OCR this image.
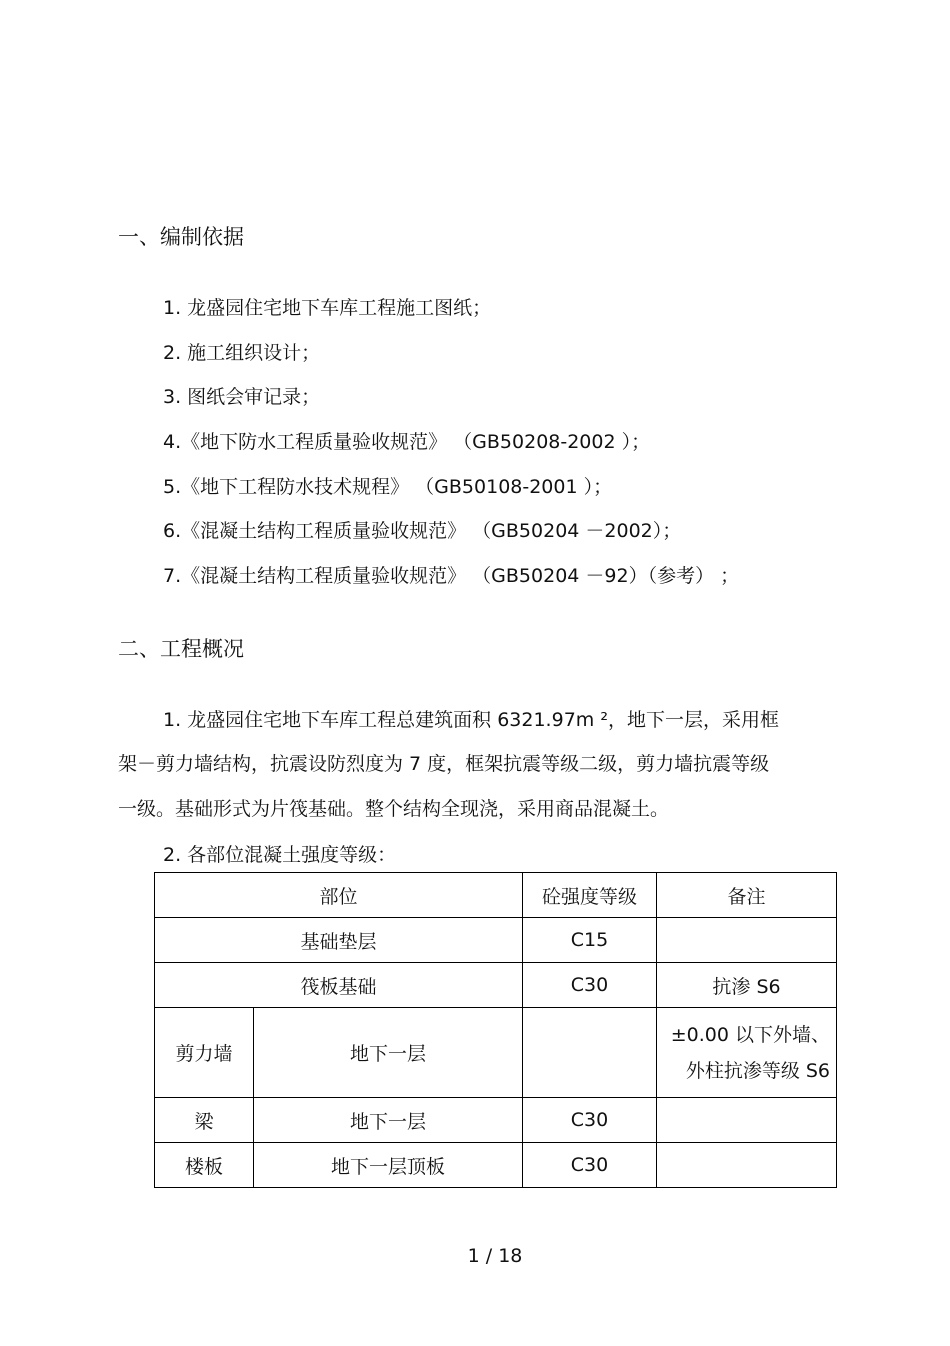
一、编制依据
1. 龙盛园住宅地下车库工程施工图纸；
2. 施工组织设计；
3. 图纸会审记录；
4.《地下防水工程质量验收规范》 （GB50208-2002 ）；
5.《地下工程防水技术规程》 （GB50108-2001 ）；
6.《混凝土结构工程质量验收规范》 （GB50204 －2002）；
7.《混凝土结构工程质量验收规范》 （GB50204 －92）（参考） ；
二、工程概况
1. 龙盛园住宅地下车库工程总建筑面积 6321.97m ²，地下一层，采用框
架－剪力墙结构，抗震设防烈度为 7 度，框架抗震等级二级，剪力墙抗震等级
一级。基础形式为片筏基础。整个结构全现浇，采用商品混凝土。
2. 各部位混凝土强度等级：
部位		砼强度等级	备注
基础垫层		C15	
筏板基础		C30	抗渗 S6
剪力墙	地下一层		±0.00 以下外墙、
外柱抗渗等级 S6

梁	地下一层	C30	
楼板	地下一层顶板	C30	
1 / 18
